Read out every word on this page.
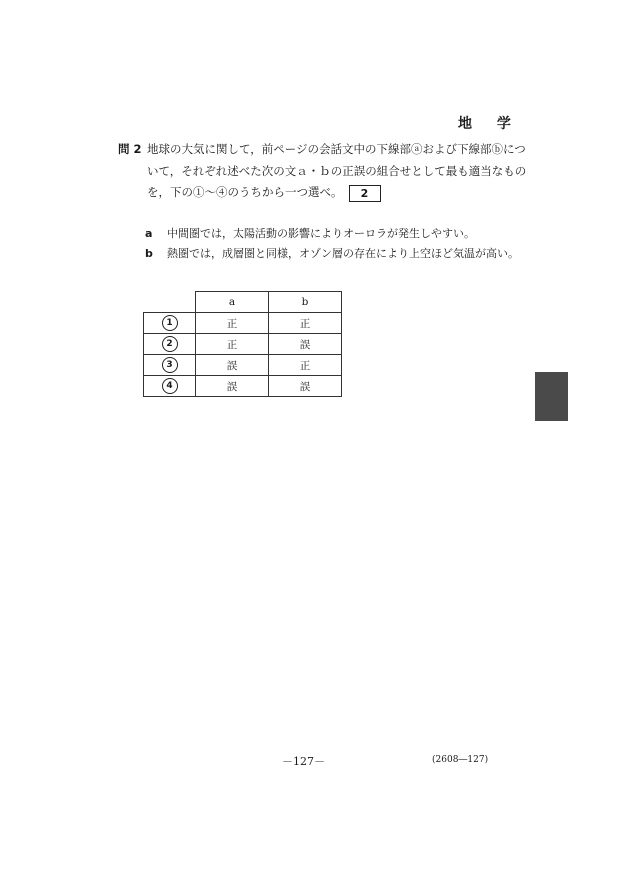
地 学
問 2 地球の大気に関して，前ページの会話文中の下線部ⓐおよび下線部ⓑにつ
いて，それぞれ述べた次の文ａ・ｂの正誤の組合せとして最も適当なもの
を，下の①～④のうちから一つ選べ。 2
a 中間圏では，太陽活動の影響によりオーロラが発生しやすい。
b 熱圏では，成層圏と同様，オゾン層の存在により上空ほど気温が高い。
	a	b
1	正	正
2	正	誤
3	誤	正
4	誤	誤
－127－	(2608―127)
